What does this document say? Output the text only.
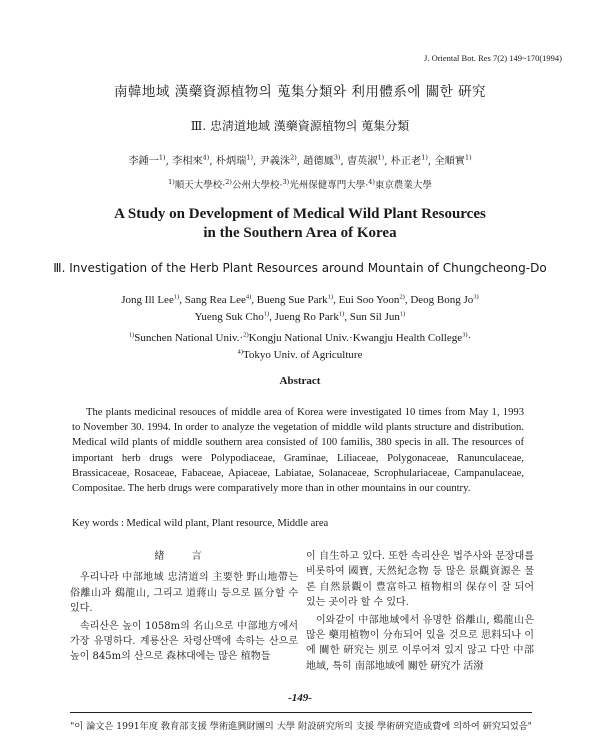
J. Oriental Bot. Res 7(2) 149~170(1994)
南韓地域 漢藥資源植物의 蒐集分類와 利用體系에 關한 硏究
Ⅲ. 忠淸道地域 漢藥資源植物의 蒐集分類
李鍾一$^{1)}$, 李相來$^{4)}$, 朴炳瑞$^{1)}$, 尹義洙$^{2)}$, 趙德鳳$^{3)}$, 曺英淑$^{1)}$, 朴正老$^{1)}$, 全順實$^{1)}$
$^{1)}$順天大學校·$^{2)}$公州大學校·$^{3)}$光州保健專門大學·$^{4)}$東京農業大學
A Study on Development of Medical Wild Plant Resources
in the Southern Area of Korea
Ⅲ. Investigation of the Herb Plant Resources around Mountain of Chungcheong-Do
Jong Ill Lee$^{1)}$, Sang Rea Lee$^{4)}$, Bueng Sue Park$^{1)}$, Eui Soo Yoon$^{2)}$, Deog Bong Jo$^{3)}$
Yueng Suk Cho$^{1)}$, Jueng Ro Park$^{1)}$, Sun Sil Jun$^{1)}$
$^{1)}$Sunchen National Univ.·$^{2)}$Kongju National Univ.·Kwangju Health College$^{3)}$·
$^{4)}$Tokyo Univ. of Agriculture
Abstract

The plants medicinal resouces of middle area of Korea were investigated 10 times from May 1, 1993 to November 30. 1994. In order to analyze the vegetation of middle wild plants structure and distribution. Medical wild plants of middle southern area consisted of 100 familis, 380 specis in all. The resources of important herb drugs were Polypodiaceae, Graminae, Liliaceae, Polygonaceae, Ranunculaceae, Brassicaceae, Rosaceae, Fabaceae, Apiaceae, Labiatae, Solanaceae, Scrophulariaceae, Campanulaceae, Compositae. The herb drugs were comparatively more than in other mountains in our country.

Key words : Medical wild plant, Plant resource, Middle area
緖 言

우리나라 中部地域 忠淸道의 主要한 野山地帶는 俗離山과 鷄龍山, 그리고 道蔣山 등으로 區分할 수 있다.

속리산은 높이 1058m의 名山으로 中部地方에서 가장 유명하다. 계룡산은 차령산맥에 속하는 산으로 높이 845m의 산으로 森林대에는 많은 植物들

이 自生하고 있다. 또한 속리산은 법주사와 문장대를 비롯하여 國寶, 天然紀念物 등 많은 景觀資源은 물론 自然景觀이 豊富하고 植物相의 保存이 잘 되어 있는 곳이라 할 수 있다.

이와같이 中部地域에서 유명한 俗離山, 鷄龍山은 많은 藥用植物이 分布되어 있을 것으로 思料되나 이에 關한 硏究는 別로 이루어져 있지 않고 다만 中部地域, 특히 南部地域에 關한 硏究가 活潑

-149-
"이 論文은 1991年度 敎育部支援 學術進興財團의 大學 附設硏究所의 支援 學術硏究造成費에 의하여 硏究되었음"
